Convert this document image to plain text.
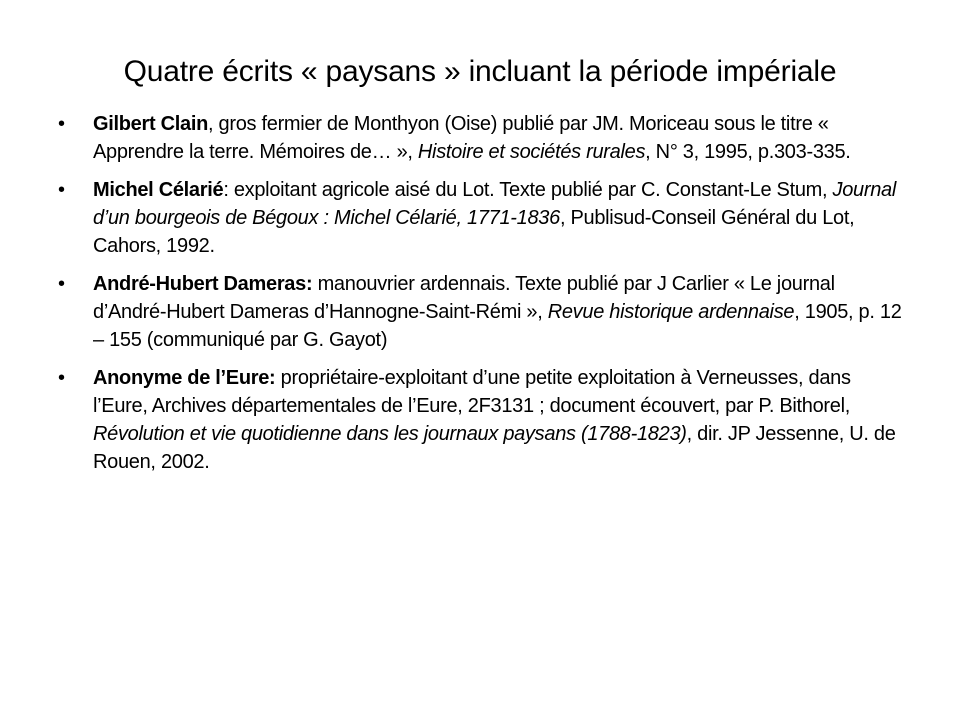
Quatre écrits « paysans » incluant la période impériale
• Gilbert Clain, gros fermier de Monthyon (Oise) publié par JM. Moriceau sous le titre « Apprendre la terre. Mémoires de… », Histoire et sociétés rurales, N° 3, 1995, p.303-335.
• Michel Célarié: exploitant agricole aisé du Lot. Texte publié par C. Constant-Le Stum, Journal d’un bourgeois de Bégoux : Michel Célarié, 1771-1836, Publisud-Conseil Général du Lot, Cahors, 1992.
• André-Hubert Dameras: manouvrier ardennais. Texte publié par J Carlier « Le journal d’André-Hubert Dameras d’Hannogne-Saint-Rémi », Revue historique ardennaise, 1905, p. 12 – 155 (communiqué par G. Gayot)
• Anonyme de l’Eure: propriétaire-exploitant d’une petite exploitation à Verneusses, dans l’Eure, Archives départementales de l’Eure, 2F3131 ; document écouvert, par P. Bithorel, Révolution et vie quotidienne dans les journaux paysans (1788-1823), dir. JP Jessenne, U. de Rouen, 2002.
